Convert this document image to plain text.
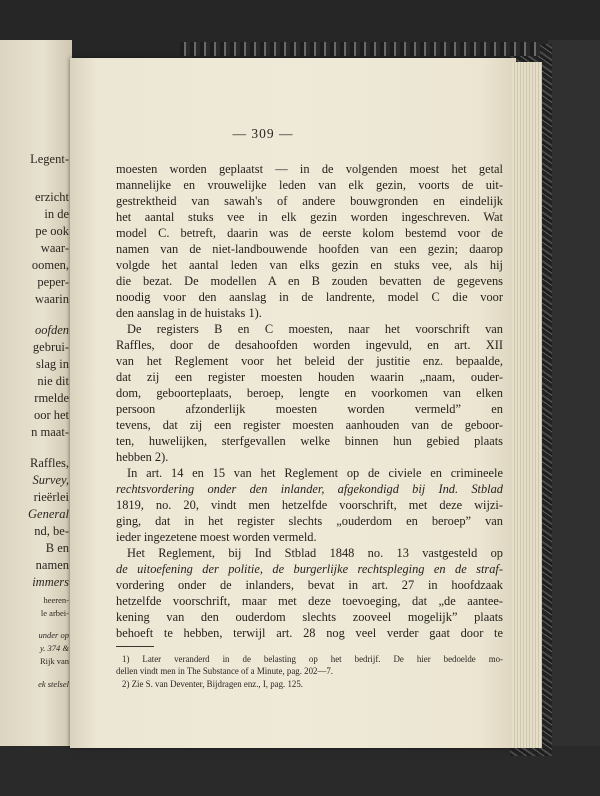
Legent-
erzicht
in de
pe ook
waar-
oomen,
peper-
waarin
oofden
gebrui-
slag in
nie dit
rmelde
oor het
n maat-
Raffles,
Survey,
rieërlei
General
nd, be-
B en
namen
immers
heeren-
le arbei-
under op
y. 374 &
Rijk van
ek stelsel
— 309 —
moesten worden geplaatst — in de volgenden moest het getal
mannelijke en vrouwelijke leden van elk gezin, voorts de uit-
gestrektheid van sawah's of andere bouwgronden en eindelijk
het aantal stuks vee in elk gezin worden ingeschreven. Wat
model C. betreft, daarin was de eerste kolom bestemd voor de
namen van de niet-landbouwende hoofden van een gezin; daarop
volgde het aantal leden van elks gezin en stuks vee, als hij
die bezat. De modellen A en B zouden bevatten de gegevens
noodig voor den aanslag in de landrente, model C die voor
den aanslag in de huistaks 1).
De registers B en C moesten, naar het voorschrift van
Raffles, door de desahoofden worden ingevuld, en art. XII
van het Reglement voor het beleid der justitie enz. bepaalde,
dat zij een register moesten houden waarin „naam, ouder-
dom, geboorteplaats, beroep, lengte en voorkomen van elken
persoon afzonderlijk moesten worden vermeld” en
tevens, dat zij een register moesten aanhouden van de geboor-
ten, huwelijken, sterfgevallen welke binnen hun gebied plaats
hebben 2).
In art. 14 en 15 van het Reglement op de civiele en crimineele
rechtsvordering onder den inlander, afgekondigd bij Ind. Stblad
1819, no. 20, vindt men hetzelfde voorschrift, met deze wijzi-
ging, dat in het register slechts „ouderdom en beroep” van
ieder ingezetene moest worden vermeld.
Het Reglement, bij Ind Stblad 1848 no. 13 vastgesteld op
de uitoefening der politie, de burgerlijke rechtspleging en de straf-
vordering onder de inlanders, bevat in art. 27 in hoofdzaak
hetzelfde voorschrift, maar met deze toevoeging, dat „de aantee-
kening van den ouderdom slechts zooveel mogelijk” plaats
behoeft te hebben, terwijl art. 28 nog veel verder gaat door te
1) Later veranderd in de belasting op het bedrijf. De hier bedoelde mo-
dellen vindt men in The Substance of a Minute, pag. 202—7.
2) Zie S. van Deventer, Bijdragen enz., I, pag. 125.
